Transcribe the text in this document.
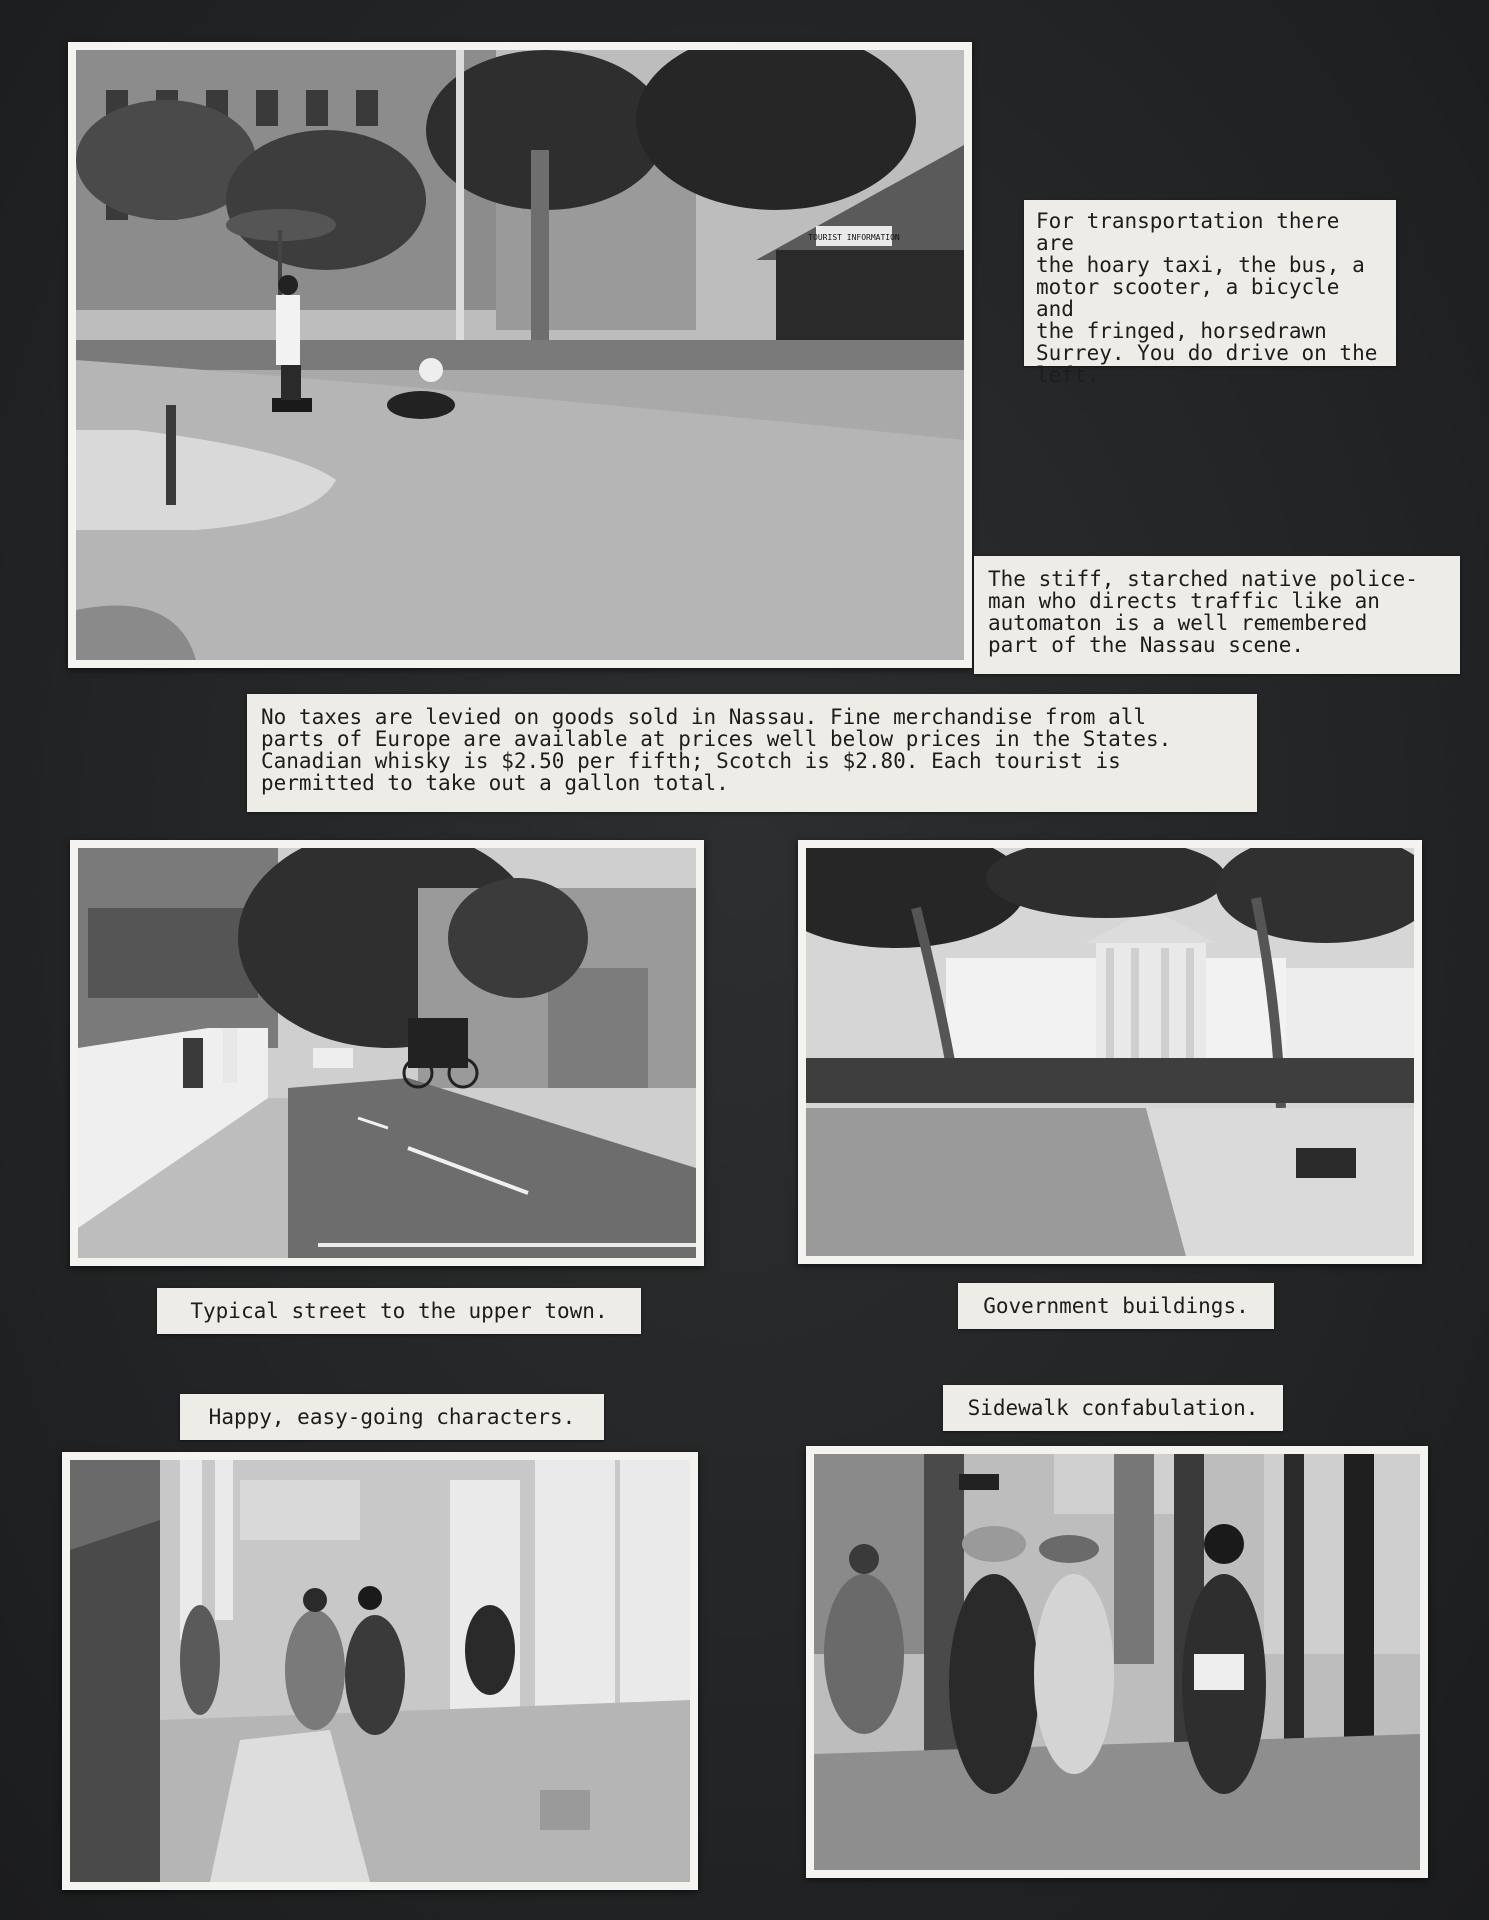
TOURIST INFORMATION
For transportation there are
the hoary taxi, the bus, a
motor scooter, a bicycle and
the fringed, horsedrawn
Surrey. You do drive on the
left.
The stiff, starched native police-
man who directs traffic like an
automaton is a well remembered
part of the Nassau scene.
No taxes are levied on goods sold in Nassau. Fine merchandise from all
parts of Europe are available at prices well below prices in the States.
Canadian whisky is $2.50 per fifth; Scotch is $2.80. Each tourist is
permitted to take out a gallon total.
Typical street to the upper town.	Government buildings.
Happy, easy-going characters.	Sidewalk confabulation.
